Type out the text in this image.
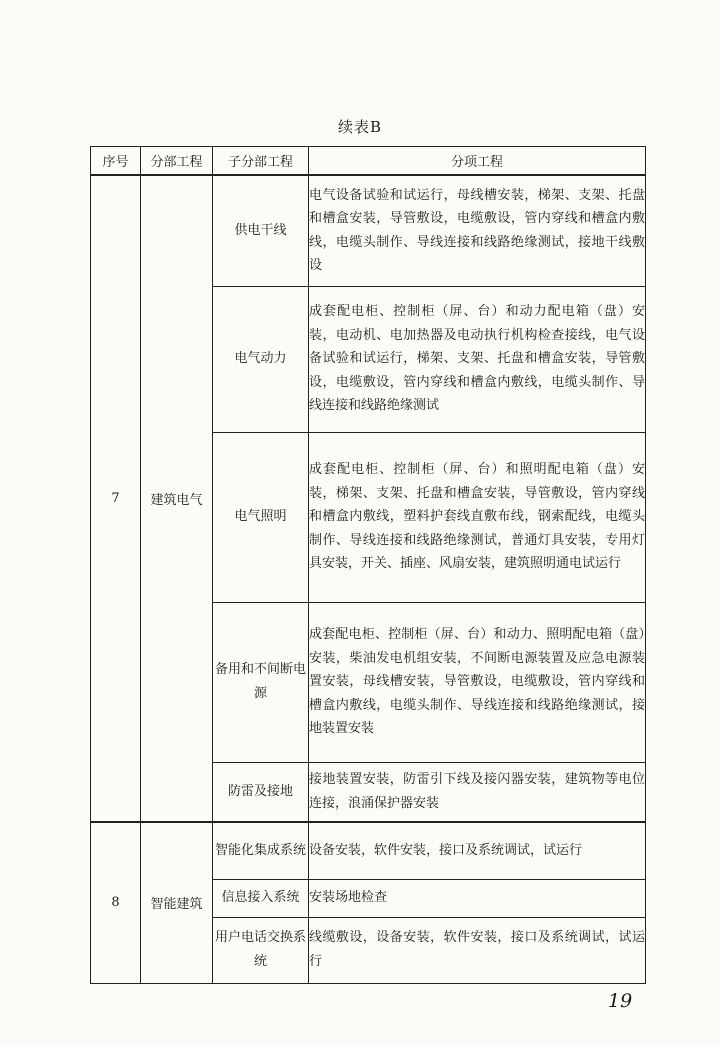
续表B
序号	分部工程	子分部工程	分项工程
7	建筑电气	供电干线	电气设备试验和试运行，母线槽安装，梯架、支架、托盘和槽盒安装，导管敷设，电缆敷设，管内穿线和槽盒内敷线，电缆头制作、导线连接和线路绝缘测试，接地干线敷设
		电气动力	成套配电柜、控制柜（屏、台）和动力配电箱（盘）安装，电动机、电加热器及电动执行机构检查接线，电气设备试验和试运行，梯架、支架、托盘和槽盒安装，导管敷设，电缆敷设，管内穿线和槽盒内敷线，电缆头制作、导线连接和线路绝缘测试
		电气照明	成套配电柜、控制柜（屏、台）和照明配电箱（盘）安装，梯架、支架、托盘和槽盒安装，导管敷设，管内穿线和槽盒内敷线，塑料护套线直敷布线，钢索配线，电缆头制作、导线连接和线路绝缘测试，普通灯具安装，专用灯具安装，开关、插座、风扇安装，建筑照明通电试运行
		备用和不间断电源	成套配电柜、控制柜（屏、台）和动力、照明配电箱（盘）安装，柴油发电机组安装，不间断电源装置及应急电源装置安装，母线槽安装，导管敷设，电缆敷设，管内穿线和槽盒内敷线，电缆头制作、导线连接和线路绝缘测试，接地装置安装
		防雷及接地	接地装置安装，防雷引下线及接闪器安装，建筑物等电位连接，浪涌保护器安装
8	智能建筑	智能化集成系统	设备安装，软件安装，接口及系统调试，试运行
		信息接入系统	安装场地检查
		用户电话交换系统	线缆敷设，设备安装，软件安装，接口及系统调试，试运行
19
